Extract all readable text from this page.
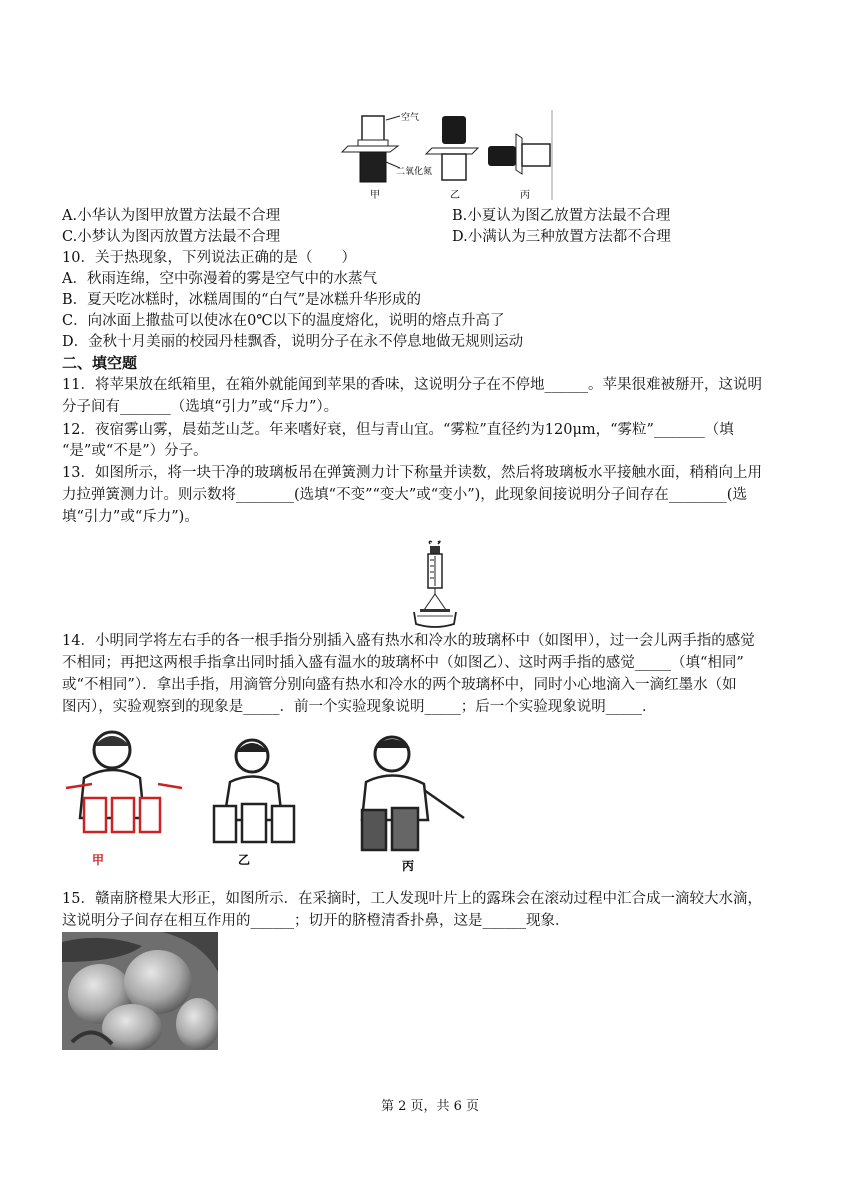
空气
二氧化氮
甲	乙	丙
A.小华认为图甲放置方法最不合理	B.小夏认为图乙放置方法最不合理
C.小梦认为图丙放置方法最不合理	D.小满认为三种放置方法都不合理
10．关于热现象，下列说法正确的是（　　）
A．秋雨连绵，空中弥漫着的雾是空气中的水蒸气
B．夏天吃冰糕时，冰糕周围的“白气”是冰糕升华形成的
C．向冰面上撒盐可以使冰在0℃以下的温度熔化，说明的熔点升高了
D．金秋十月美丽的校园丹桂飘香，说明分子在永不停息地做无规则运动
二、填空题
11．将苹果放在纸箱里，在箱外就能闻到苹果的香味，这说明分子在不停地______。苹果很难被掰开，这说明
分子间有_______（选填“引力”或“斥力”）。
12．夜宿雾山雾，晨茹芝山芝。年来嗜好衰，但与青山宜。“雾粒”直径约为120μm，“雾粒”_______（填
“是”或“不是”）分子。
13．如图所示，将一块干净的玻璃板吊在弹簧测力计下称量并读数，然后将玻璃板水平接触水面，稍稍向上用
力拉弹簧测力计。则示数将________(选填“不变”“变大”或“变小”)，此现象间接说明分子间存在________(选
填“引力”或“斥力”)。
14．小明同学将左右手的各一根手指分别插入盛有热水和冷水的玻璃杯中（如图甲），过一会儿两手指的感觉
不相同；再把这两根手指拿出同时插入盛有温水的玻璃杯中（如图乙）、这时两手指的感觉_____（填“相同”
或“不相同”）．拿出手指，用滴管分别向盛有热水和冷水的两个玻璃杯中，同时小心地滴入一滴红墨水（如
图丙），实验观察到的现象是_____．前一个实验现象说明_____；后一个实验现象说明_____．
甲	乙	丙
15．赣南脐橙果大形正，如图所示．在采摘时，工人发现叶片上的露珠会在滚动过程中汇合成一滴较大水滴，
这说明分子间存在相互作用的______；切开的脐橙清香扑鼻，这是______现象．
第 2 页，共 6 页
